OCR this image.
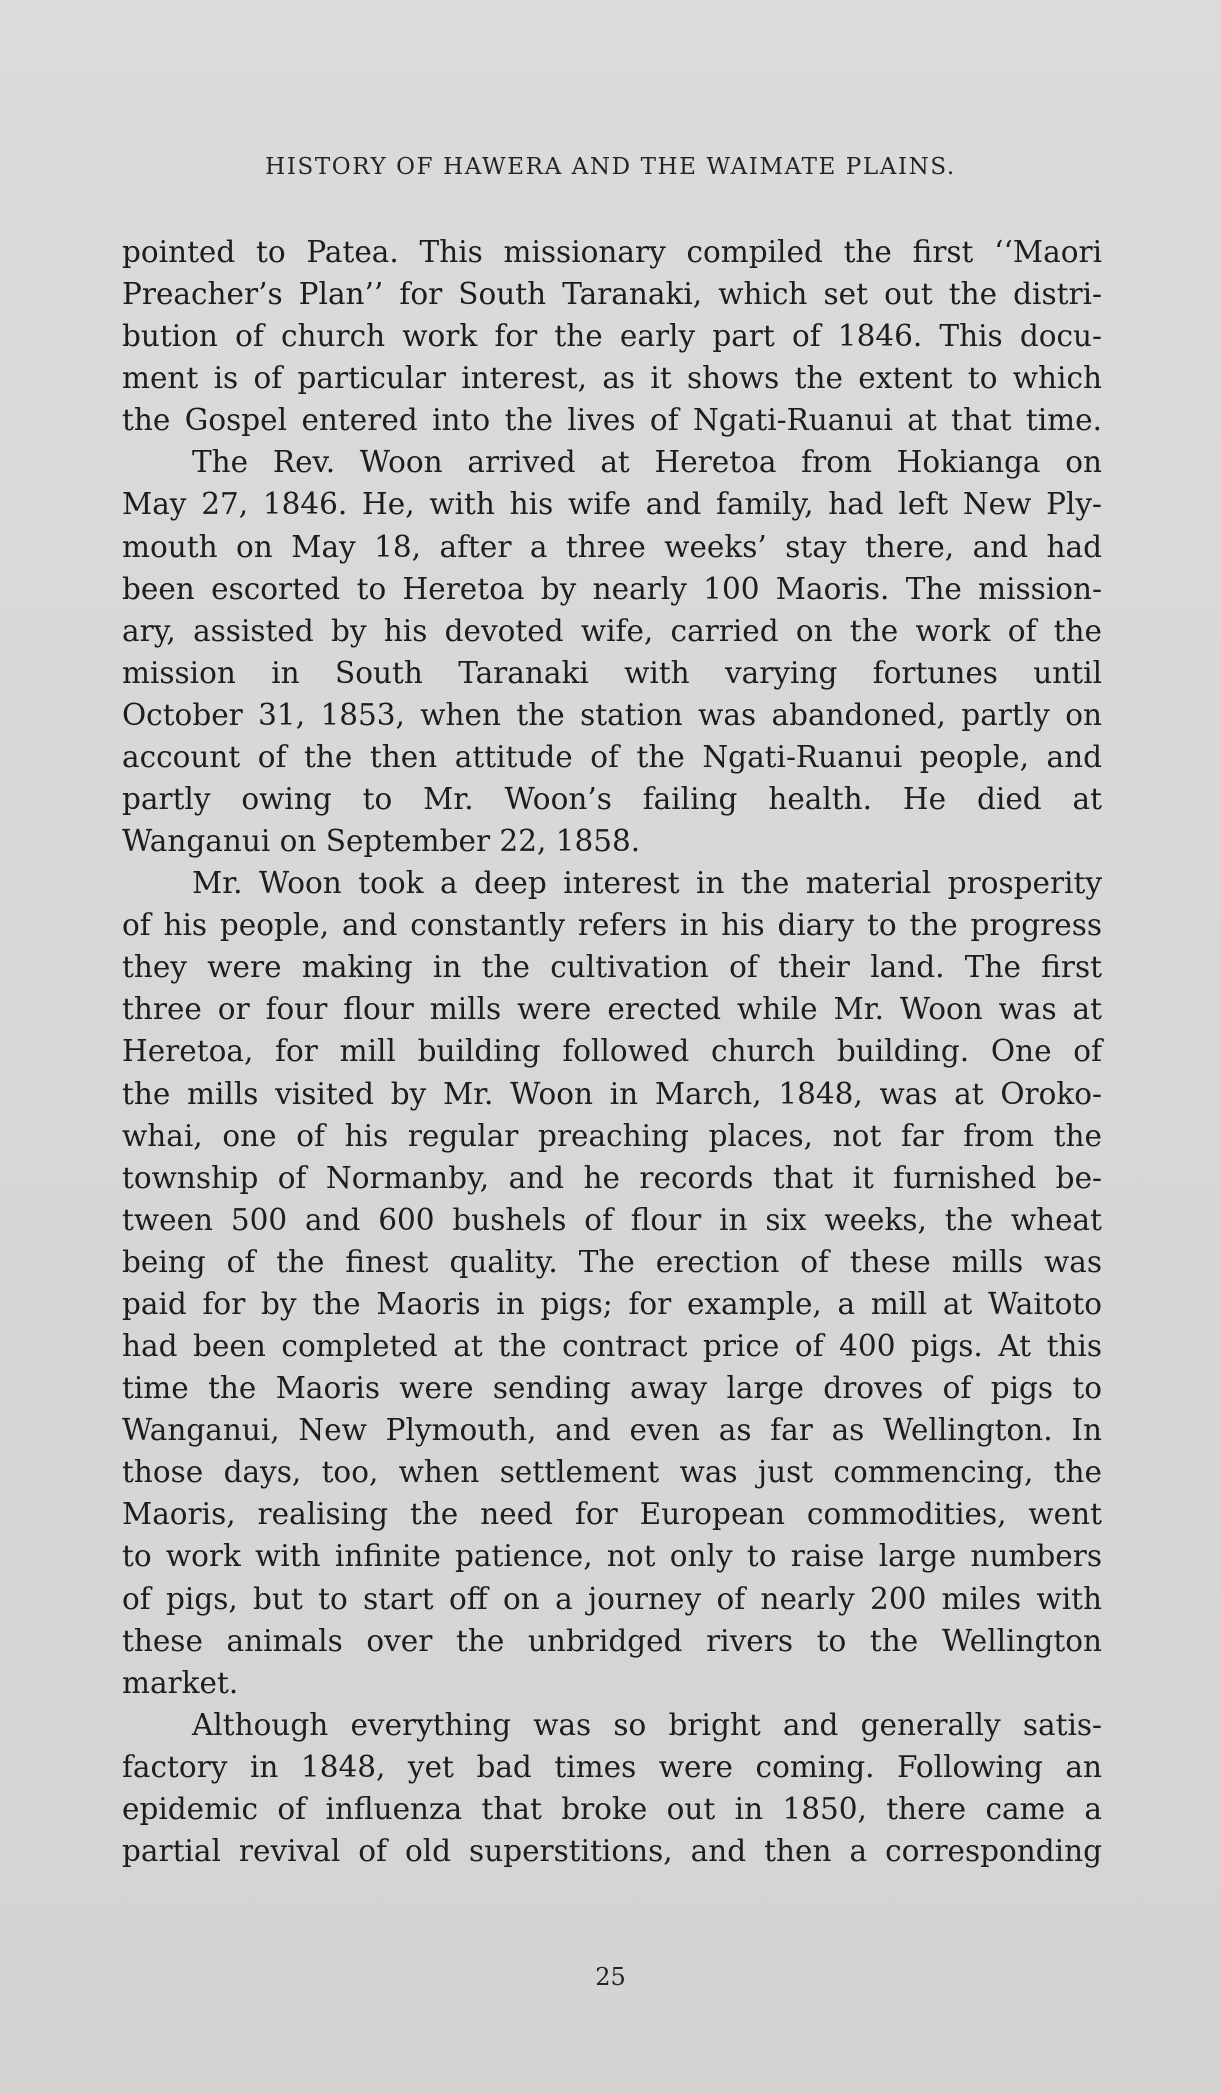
HISTORY OF HAWERA AND THE WAIMATE PLAINS.
pointed to Patea. This missionary compiled the first ‘‘Maori
Preacher’s Plan’’ for South Taranaki, which set out the distri-
bution of church work for the early part of 1846. This docu-
ment is of particular interest, as it shows the extent to which
the Gospel entered into the lives of Ngati-Ruanui at that time.
The Rev. Woon arrived at Heretoa from Hokianga on
May 27, 1846. He, with his wife and family, had left New Ply-
mouth on May 18, after a three weeks’ stay there, and had
been escorted to Heretoa by nearly 100 Maoris. The mission-
ary, assisted by his devoted wife, carried on the work of the
mission in South Taranaki with varying fortunes until
October 31, 1853, when the station was abandoned, partly on
account of the then attitude of the Ngati-Ruanui people, and
partly owing to Mr. Woon’s failing health. He died at
Wanganui on September 22, 1858.
Mr. Woon took a deep interest in the material prosperity
of his people, and constantly refers in his diary to the progress
they were making in the cultivation of their land. The first
three or four flour mills were erected while Mr. Woon was at
Heretoa, for mill building followed church building. One of
the mills visited by Mr. Woon in March, 1848, was at Oroko-
whai, one of his regular preaching places, not far from the
township of Normanby, and he records that it furnished be-
tween 500 and 600 bushels of flour in six weeks, the wheat
being of the finest quality. The erection of these mills was
paid for by the Maoris in pigs; for example, a mill at Waitoto
had been completed at the contract price of 400 pigs. At this
time the Maoris were sending away large droves of pigs to
Wanganui, New Plymouth, and even as far as Wellington. In
those days, too, when settlement was just commencing, the
Maoris, realising the need for European commodities, went
to work with infinite patience, not only to raise large numbers
of pigs, but to start off on a journey of nearly 200 miles with
these animals over the unbridged rivers to the Wellington
market.
Although everything was so bright and generally satis-
factory in 1848, yet bad times were coming. Following an
epidemic of influenza that broke out in 1850, there came a
partial revival of old superstitions, and then a corresponding
25
